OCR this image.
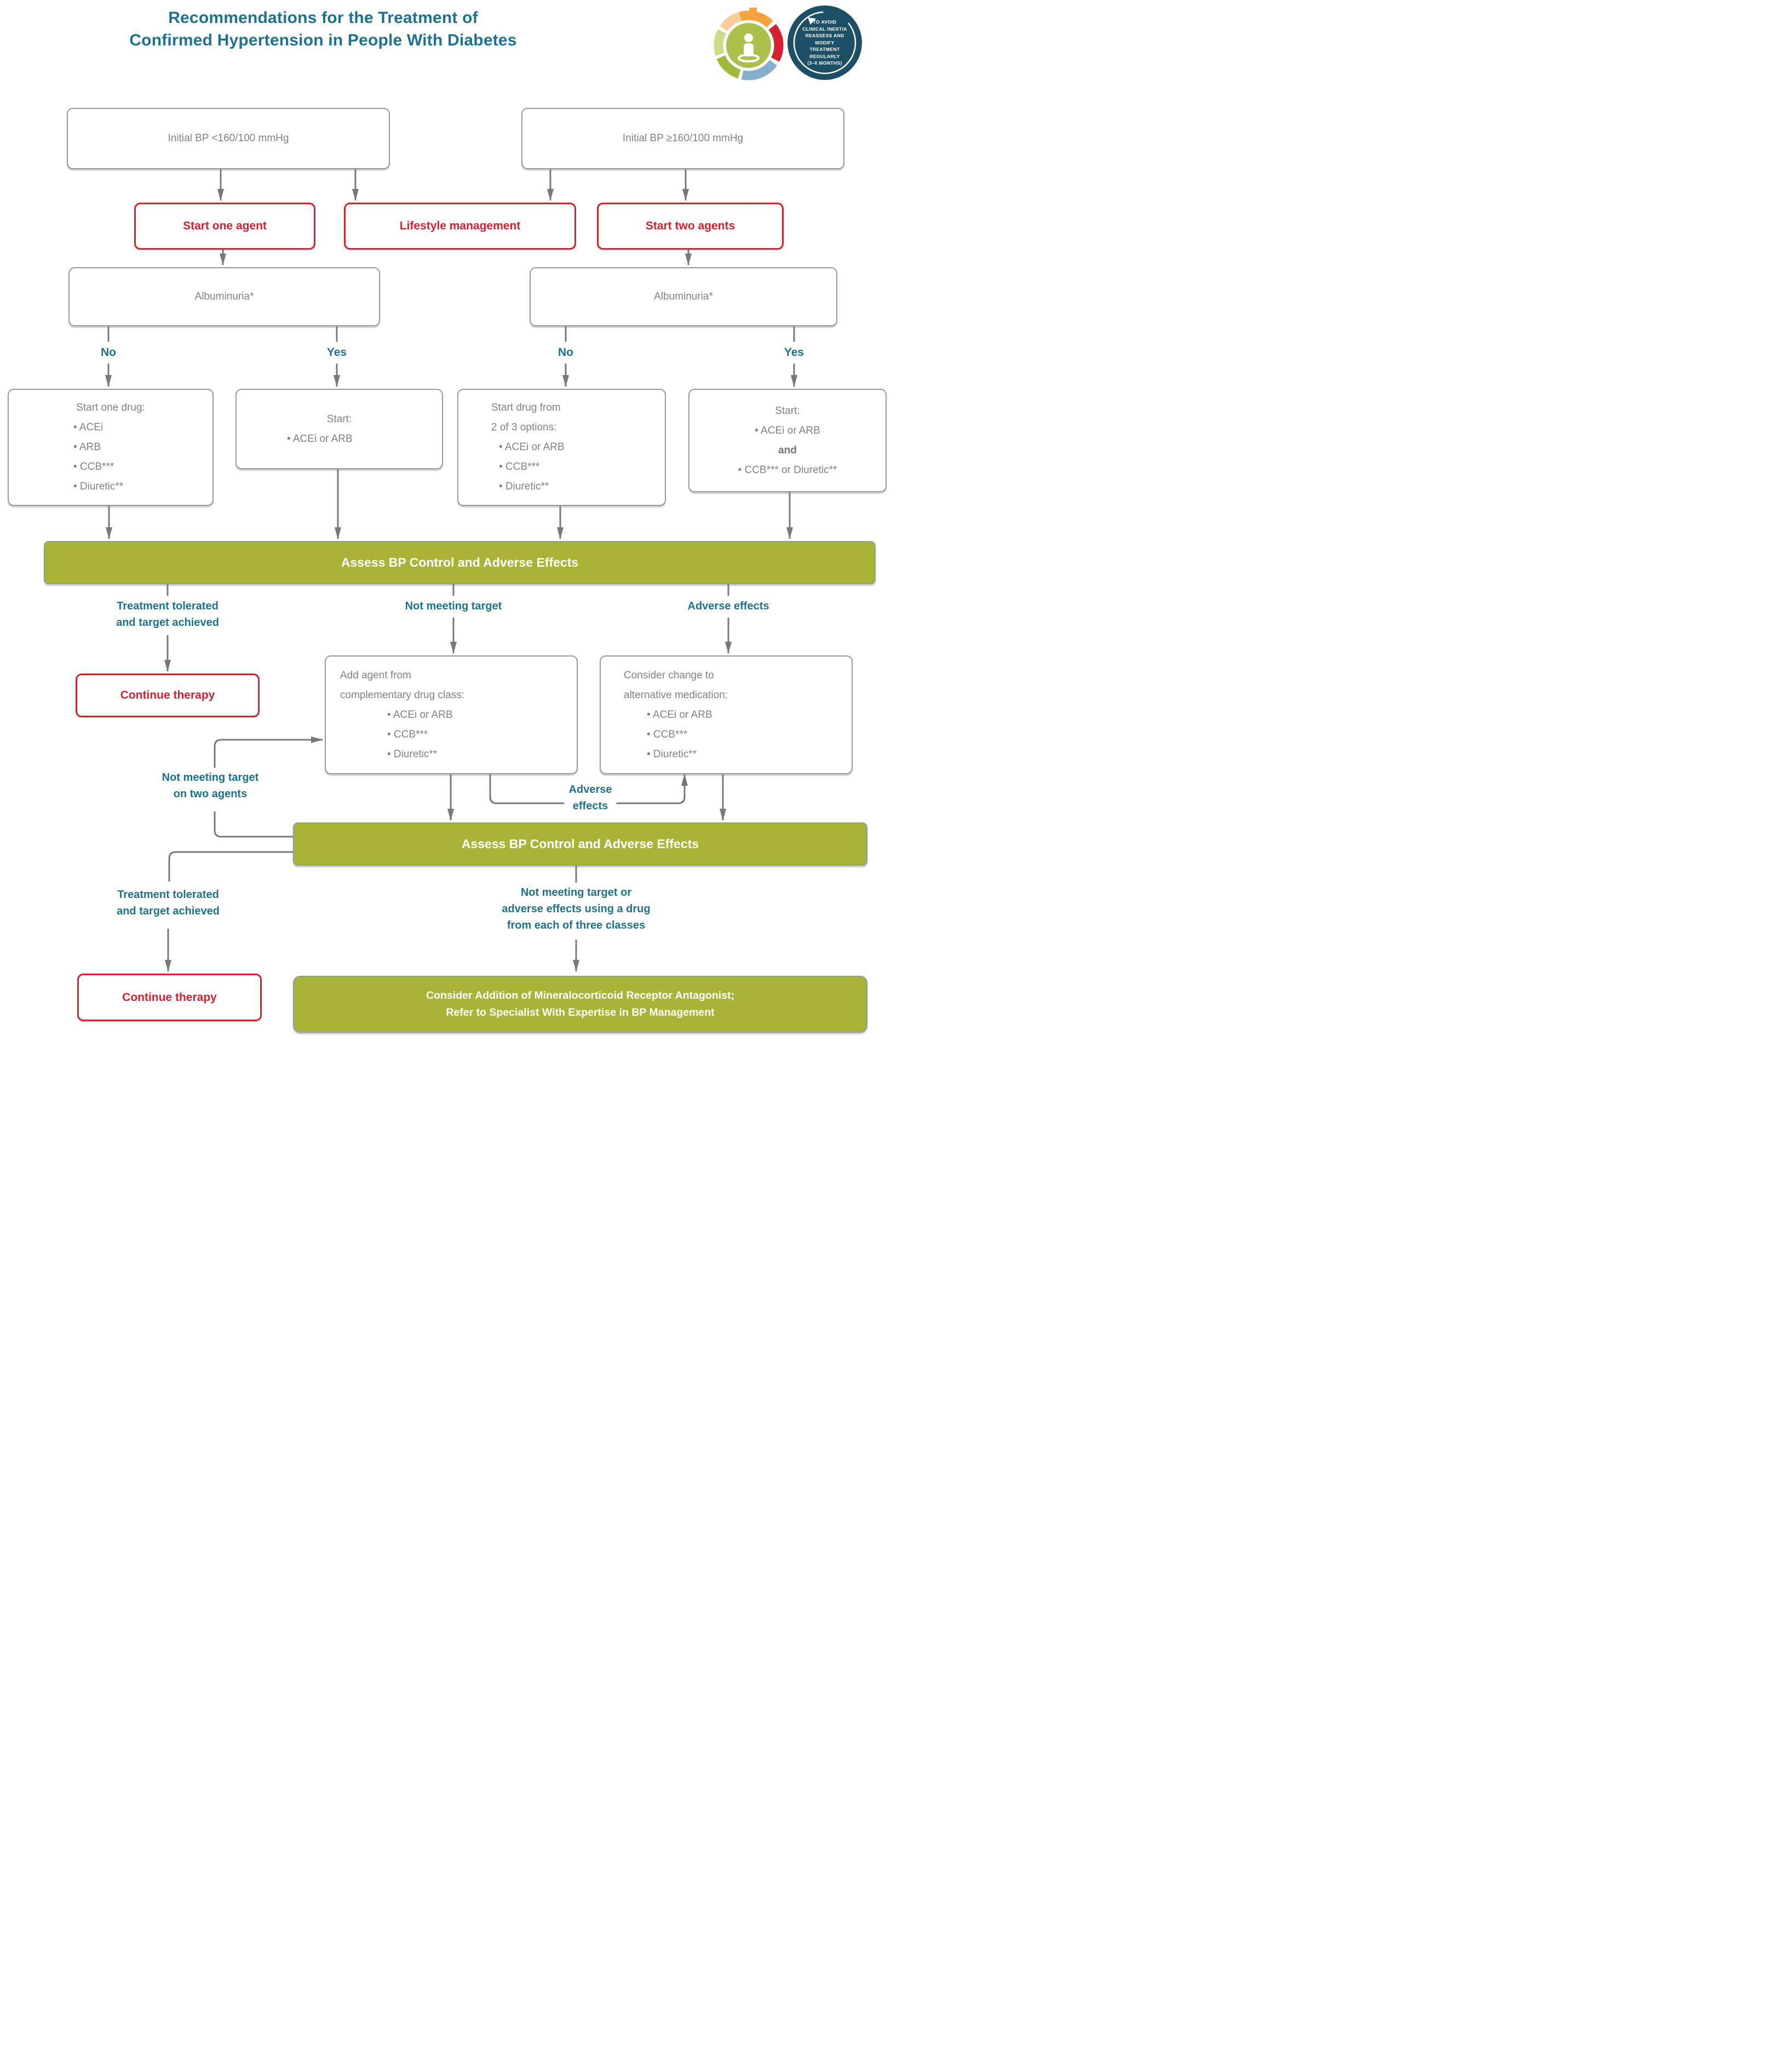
Recommendations for the Treatment of
Confirmed Hypertension in People With Diabetes
TO AVOID
CLINICAL INERTIA
REASSESS AND
MODIFY
TREATMENT
REGULARLY
(3–6 MONTHS)
Initial BP <160/100 mmHg	Initial BP ≥160/100 mmHg
Start one agent	Lifestyle management	Start two agents
Albuminuria*	Albuminuria*
No	Yes	No	Yes
Start one drug:
• ACEi
• ARB
• CCB***
• Diuretic**
Start:
• ACEi or ARB
Start drug from
2 of 3 options:
• ACEi or ARB
• CCB***
• Diuretic**
Start:
• ACEi or ARB
and
• CCB*** or Diuretic**
Assess BP Control and Adverse Effects
Treatment tolerated
and target achieved
Not meeting target	Adverse effects
Continue therapy
Add agent from
complementary drug class:
• ACEi or ARB
• CCB***
• Diuretic**
Consider change to
alternative medication:
• ACEi or ARB
• CCB***
• Diuretic**
Not meeting target
on two agents	Adverse
effects
Assess BP Control and Adverse Effects
Treatment tolerated
and target achieved
Continue therapy
Not meeting target or
adverse effects using a drug
from each of three classes
Consider Addition of Mineralocorticoid Receptor Antagonist;
Refer to Specialist With Expertise in BP Management
